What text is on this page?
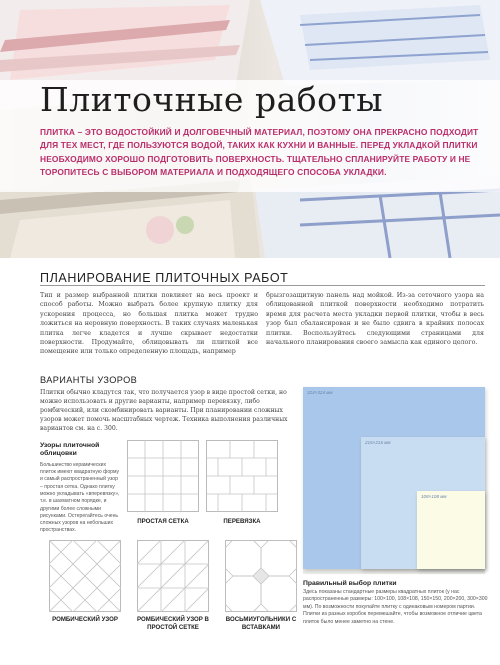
Плиточные работы

ПЛИТКА – ЭТО ВОДОСТОЙКИЙ И ДОЛГОВЕЧНЫЙ МАТЕРИАЛ, ПОЭТОМУ ОНА ПРЕКРАСНО ПОДХОДИТ ДЛЯ ТЕХ МЕСТ, ГДЕ ПОЛЬЗУЮТСЯ ВОДОЙ, ТАКИХ КАК КУХНИ И ВАННЫЕ. ПЕРЕД УКЛАДКОЙ ПЛИТКИ НЕОБХОДИМО ХОРОШО ПОДГОТОВИТЬ ПОВЕРХНОСТЬ. ТЩАТЕЛЬНО СПЛАНИРУЙТЕ РАБОТУ И НЕ ТОРОПИТЕСЬ С ВЫБОРОМ МАТЕРИАЛА И ПОДХОДЯЩЕГО СПОСОБА УКЛАДКИ.

ПЛАНИРОВАНИЕ ПЛИТОЧНЫХ РАБОТ

Тип и размер выбранной плитки повлияет на весь проект и способ работы. Можно выбрать более крупную плитку для ускорения процесса, но большая плитка может трудно ложиться на неровную поверхность. В таких случаях маленькая плитка легче кладется и лучше скрывает недостатки поверхности. Продумайте, облицовывать ли плиткой все помещение или только определенную площадь, например

брызгозащитную панель над мойкой. Из-за сеточного узора на облицованной плиткой поверхности необходимо потратить время для расчета места укладки первой плитки, чтобы в весь узор был сбалансирован и не было сдвига в крайних полосах плитки. Воспользуйтесь следующими страницами для начального планирования своего замысла как единого целого.

ВАРИАНТЫ УЗОРОВ

Плитки обычно кладутся так, что получается узор в виде простой сетки, но можно использовать и другие варианты, например перевязку, либо ромбический, или скомбинировать варианты. При планировании сложных узоров может помочь масштабных чертеж. Техника выполнения различных вариантов см. на с. 300.

Узоры плиточной облицовки
Большинство керамических плиток имеют квадратную форму и самый распространенный узор – простая сетка. Однако плитку можно укладывать «вперевязку», т.е. в шахматном порядке, и другими более сложными рисунками. Остерегайтесь очень сложных узоров на небольших пространствах.
ПРОСТАЯ СЕТКА	ПЕРЕВЯЗКА
РОМБИЧЕСКИЙ УЗОР	РОМБИЧЕСКИЙ УЗОР В ПРОСТОЙ СЕТКЕ
ВОСЬМИУГОЛЬНИКИ С ВСТАВКАМИ
324×324 мм
216×216 мм
108×108 мм
Правильный выбор плитки

Здесь показаны стандартные размеры квадратных плиток (у нас распространенные размеры: 100×100, 108×108, 150×150, 200×200, 300×300 мм). По возможности покупайте плитку с одинаковым номером партии. Плитки из разных коробок перемешайте, чтобы возможное отличие цвета плиток было менее заметно на стене.
